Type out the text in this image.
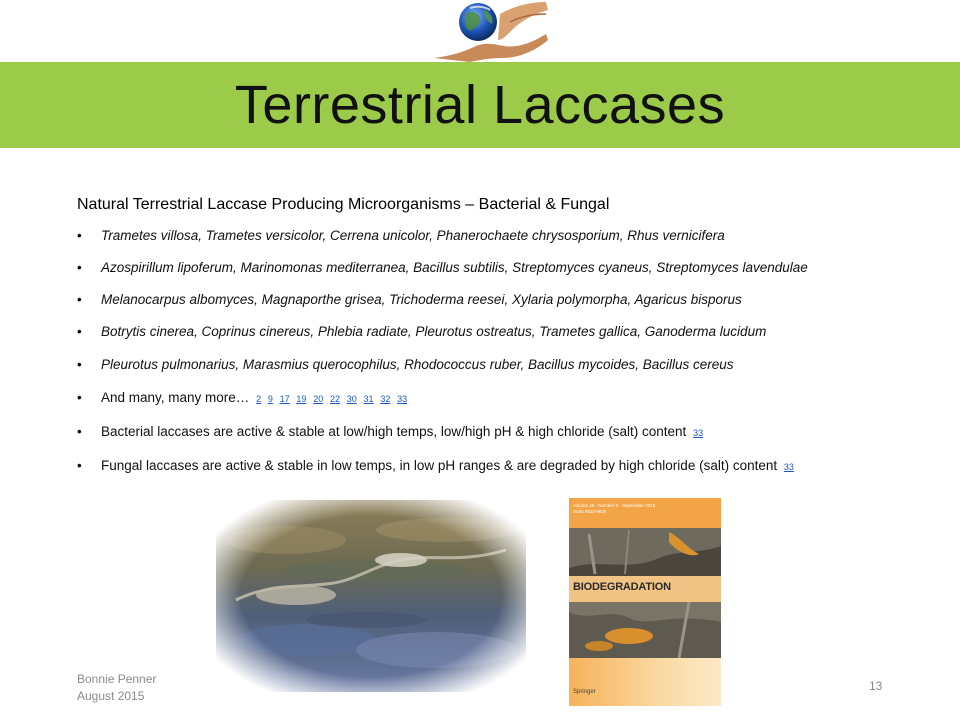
Terrestrial Laccases
Natural Terrestrial Laccase Producing Microorganisms – Bacterial & Fungal
• Trametes villosa, Trametes versicolor, Cerrena unicolor, Phanerochaete chrysosporium, Rhus vernicifera
• Azospirillum lipoferum, Marinomonas mediterranea, Bacillus subtilis, Streptomyces cyaneus, Streptomyces lavendulae
• Melanocarpus albomyces, Magnaporthe grisea, Trichoderma reesei, Xylaria polymorpha, Agaricus bisporus
• Botrytis cinerea, Coprinus cinereus, Phlebia radiate, Pleurotus ostreatus, Trametes gallica, Ganoderma lucidum
• Pleurotus pulmonarius, Marasmius querocophilus, Rhodococcus ruber, Bacillus mycoides, Bacillus cereus
• And many, many more… 2 9 17 19 20 22 30 31 32 33
• Bacterial laccases are active & stable at low/high temps, low/high pH & high chloride (salt) content 33
• Fungal laccases are active & stable in low temps, in low pH ranges & are degraded by high chloride (salt) content 33
Volume 26 · Number 5 · September 2015
ISSN 0923-9820
BIODEGRADATION
Springer
Bonnie Penner
August 2015
13
